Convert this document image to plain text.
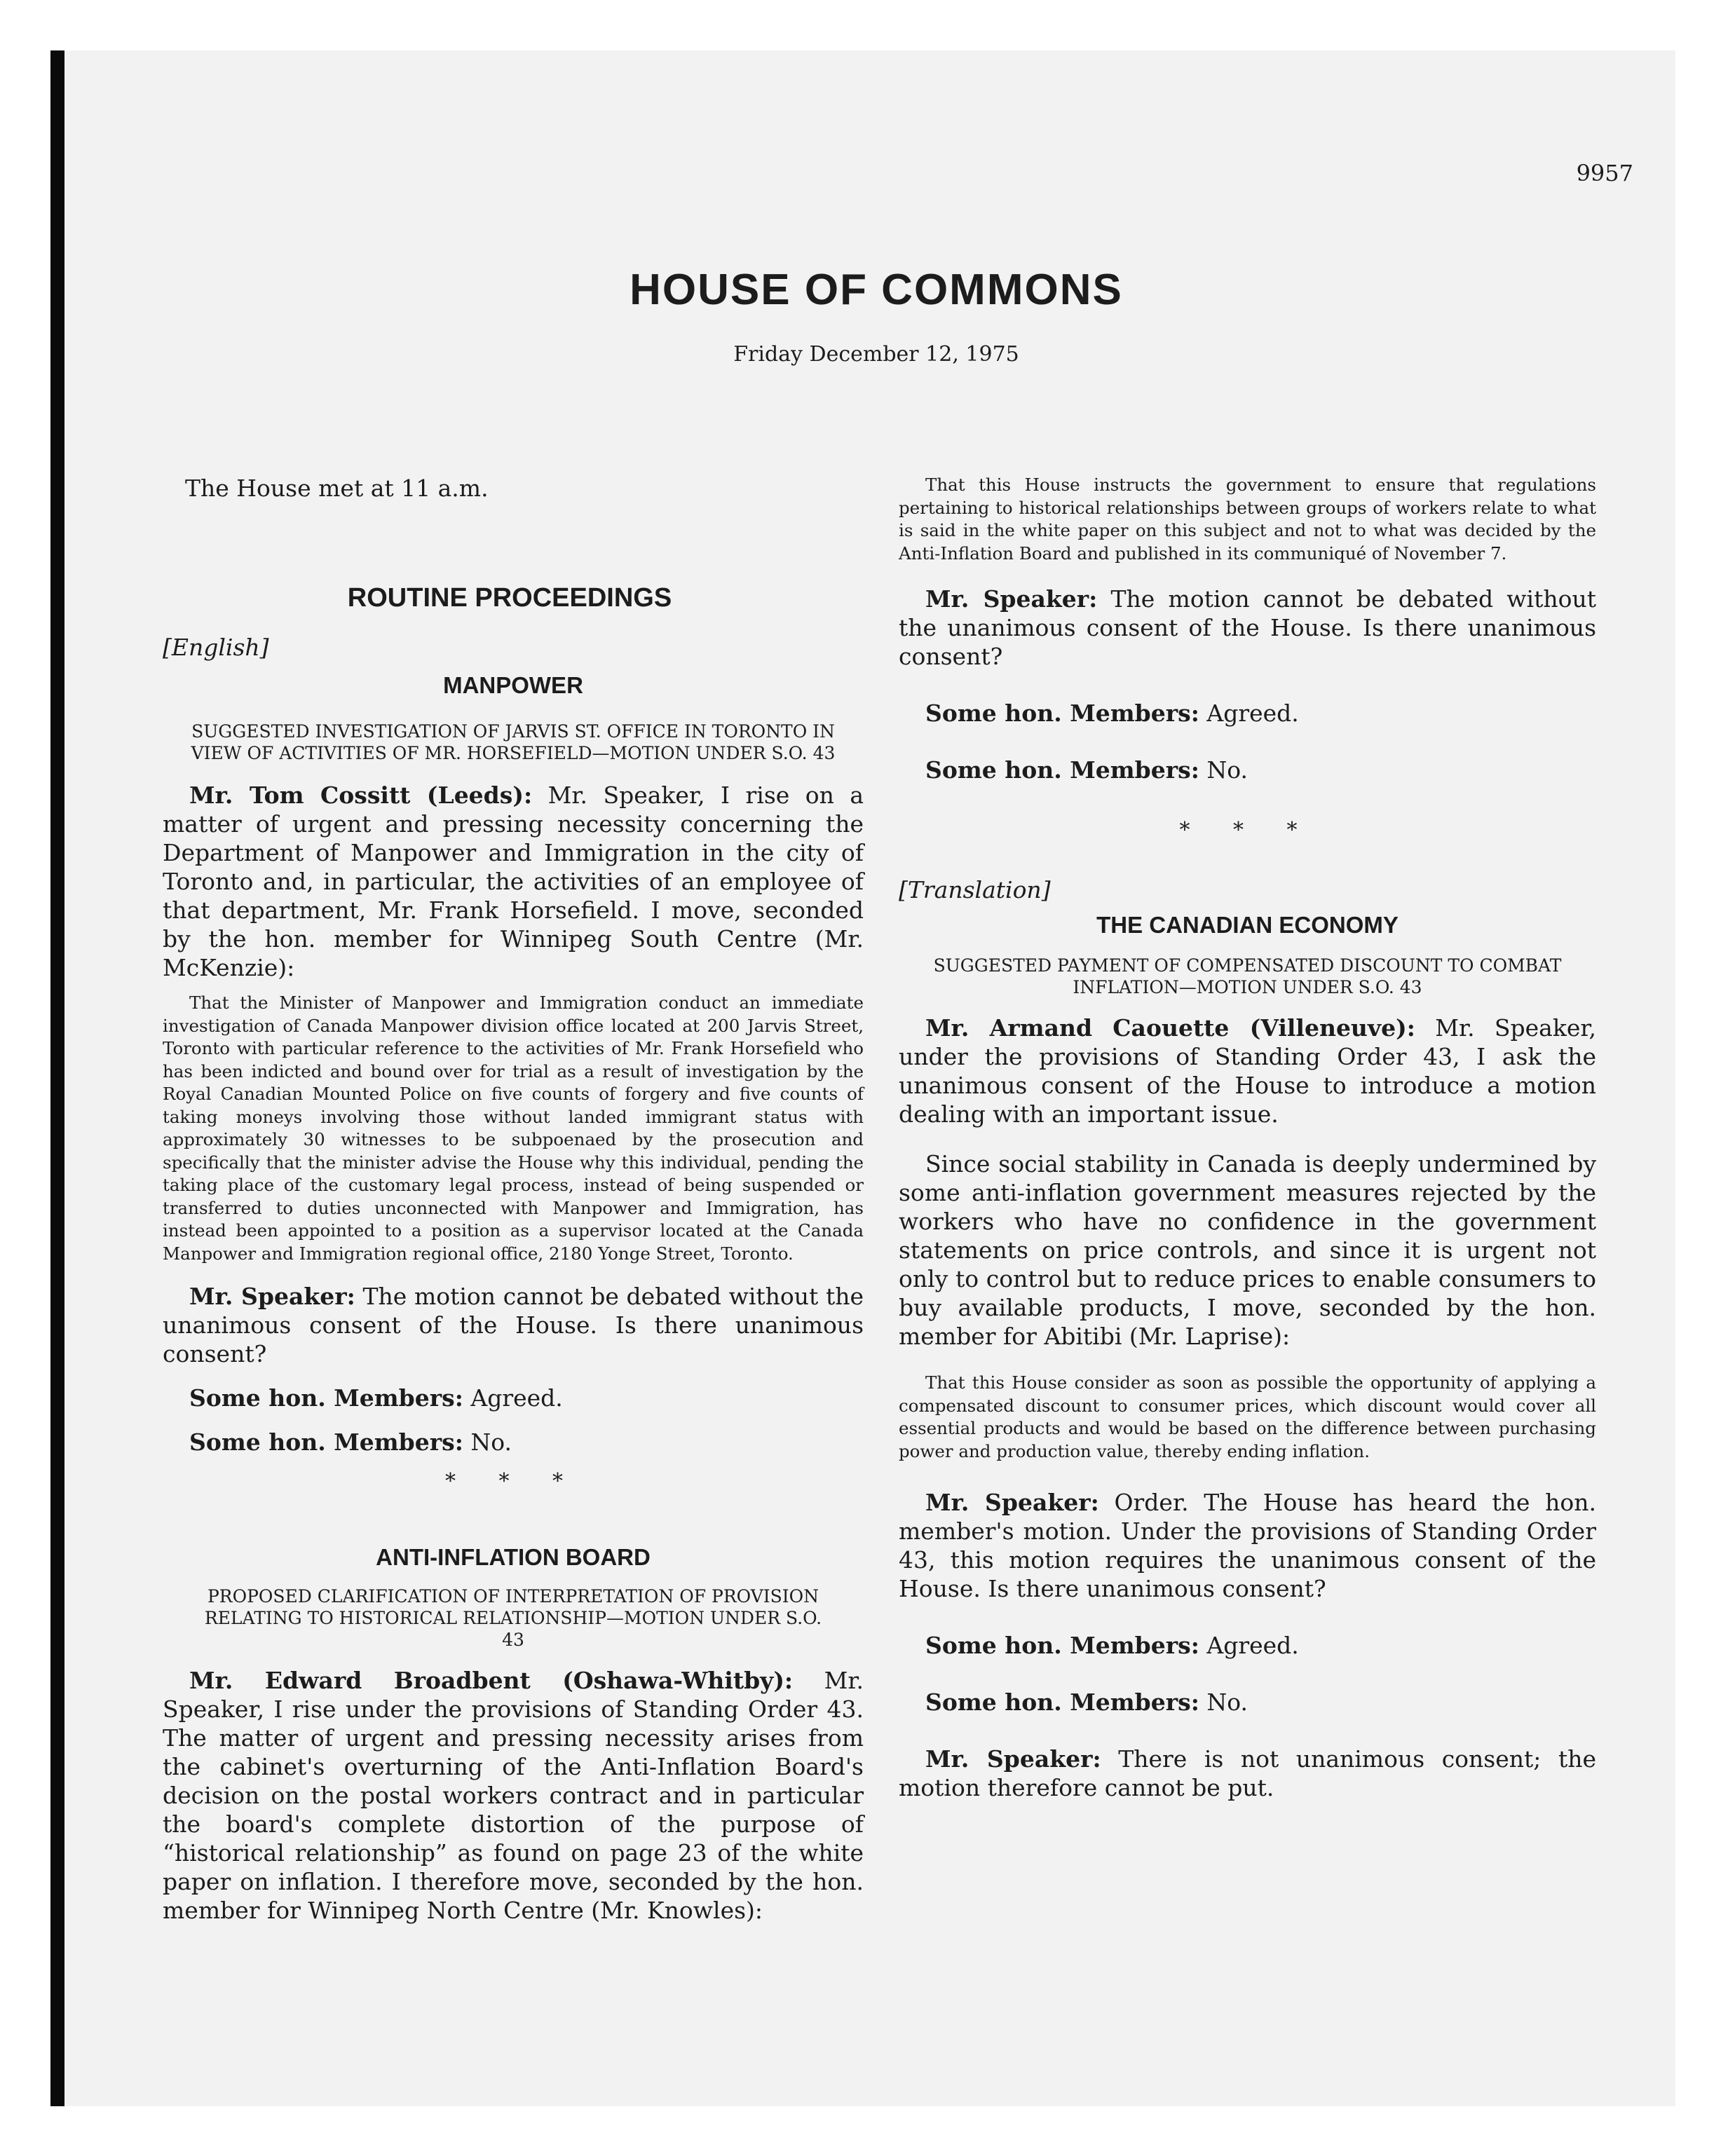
9957
HOUSE OF COMMONS
Friday December 12, 1975

The House met at 11 a.m.

ROUTINE PROCEEDINGS

[English]

MANPOWER

SUGGESTED INVESTIGATION OF JARVIS ST. OFFICE IN TORONTO IN VIEW OF ACTIVITIES OF MR. HORSEFIELD—MOTION UNDER S.O. 43

Mr. Tom Cossitt (Leeds): Mr. Speaker, I rise on a matter of urgent and pressing necessity concerning the Department of Manpower and Immigration in the city of Toronto and, in particular, the activities of an employee of that department, Mr. Frank Horsefield. I move, seconded by the hon. member for Winnipeg South Centre (Mr. McKenzie):

That the Minister of Manpower and Immigration conduct an immediate investigation of Canada Manpower division office located at 200 Jarvis Street, Toronto with particular reference to the activities of Mr. Frank Horsefield who has been indicted and bound over for trial as a result of investigation by the Royal Canadian Mounted Police on five counts of forgery and five counts of taking moneys involving those without landed immigrant status with approximately 30 witnesses to be subpoenaed by the prosecution and specifically that the minister advise the House why this individual, pending the taking place of the customary legal process, instead of being suspended or transferred to duties unconnected with Manpower and Immigration, has instead been appointed to a position as a supervisor located at the Canada Manpower and Immigration regional office, 2180 Yonge Street, Toronto.

Mr. Speaker: The motion cannot be debated without the unanimous consent of the House. Is there unanimous consent?

Some hon. Members: Agreed.

Some hon. Members: No.

* * *

ANTI-INFLATION BOARD

PROPOSED CLARIFICATION OF INTERPRETATION OF PROVISION RELATING TO HISTORICAL RELATIONSHIP—MOTION UNDER S.O. 43

Mr. Edward Broadbent (Oshawa-Whitby): Mr. Speaker, I rise under the provisions of Standing Order 43. The matter of urgent and pressing necessity arises from the cabinet's overturning of the Anti-Inflation Board's decision on the postal workers contract and in particular the board's complete distortion of the purpose of “historical relationship” as found on page 23 of the white paper on inflation. I therefore move, seconded by the hon. member for Winnipeg North Centre (Mr. Knowles):

That this House instructs the government to ensure that regulations pertaining to historical relationships between groups of workers relate to what is said in the white paper on this subject and not to what was decided by the Anti-Inflation Board and published in its communiqué of November 7.

Mr. Speaker: The motion cannot be debated without the unanimous consent of the House. Is there unanimous consent?

Some hon. Members: Agreed.

Some hon. Members: No.

* * *

[Translation]

THE CANADIAN ECONOMY

SUGGESTED PAYMENT OF COMPENSATED DISCOUNT TO COMBAT INFLATION—MOTION UNDER S.O. 43

Mr. Armand Caouette (Villeneuve): Mr. Speaker, under the provisions of Standing Order 43, I ask the unanimous consent of the House to introduce a motion dealing with an important issue.

Since social stability in Canada is deeply undermined by some anti-inflation government measures rejected by the workers who have no confidence in the government statements on price controls, and since it is urgent not only to control but to reduce prices to enable consumers to buy available products, I move, seconded by the hon. member for Abitibi (Mr. Laprise):

That this House consider as soon as possible the opportunity of applying a compensated discount to consumer prices, which discount would cover all essential products and would be based on the difference between purchasing power and production value, thereby ending inflation.

Mr. Speaker: Order. The House has heard the hon. member's motion. Under the provisions of Standing Order 43, this motion requires the unanimous consent of the House. Is there unanimous consent?

Some hon. Members: Agreed.

Some hon. Members: No.

Mr. Speaker: There is not unanimous consent; the motion therefore cannot be put.
